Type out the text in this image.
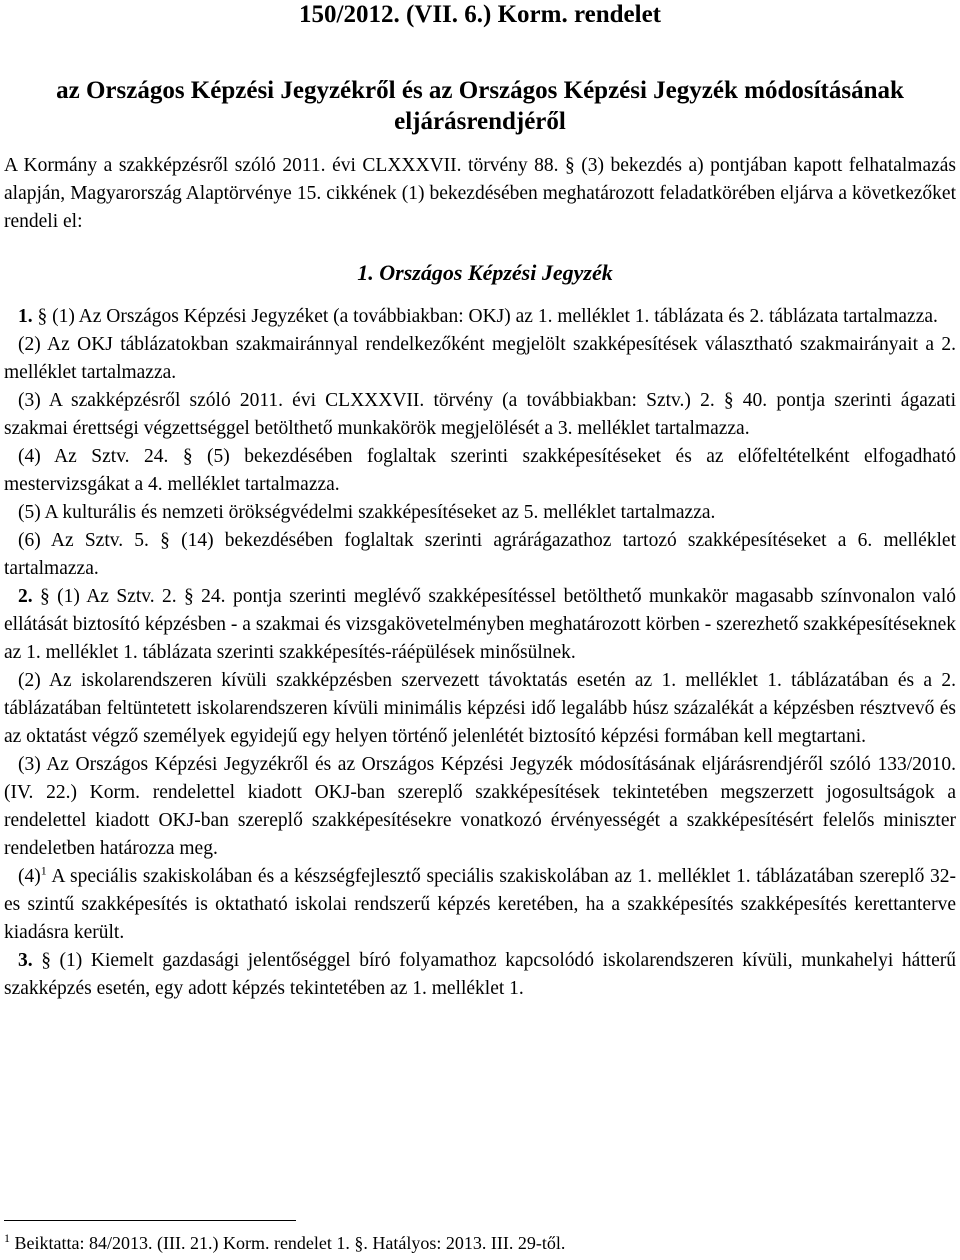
150/2012. (VII. 6.) Korm. rendelet
az Országos Képzési Jegyzékről és az Országos Képzési Jegyzék módosításának eljárásrendjéről

A Kormány a szakképzésről szóló 2011. évi CLXXXVII. törvény 88. § (3) bekezdés a) pontjában kapott felhatalmazás alapján, Magyarország Alaptörvénye 15. cikkének (1) bekezdésében meghatározott feladatkörében eljárva a következőket rendeli el:

1. Országos Képzési Jegyzék

1. § (1) Az Országos Képzési Jegyzéket (a továbbiakban: OKJ) az 1. melléklet 1. táblázata és 2. táblázata tartalmazza.

(2) Az OKJ táblázatokban szakmairánnyal rendelkezőként megjelölt szakképesítések választható szakmairányait a 2. melléklet tartalmazza.

(3) A szakképzésről szóló 2011. évi CLXXXVII. törvény (a továbbiakban: Sztv.) 2. § 40. pontja szerinti ágazati szakmai érettségi végzettséggel betölthető munkakörök megjelölését a 3. melléklet tartalmazza.

(4) Az Sztv. 24. § (5) bekezdésében foglaltak szerinti szakképesítéseket és az előfeltételként elfogadható mestervizsgákat a 4. melléklet tartalmazza.

(5) A kulturális és nemzeti örökségvédelmi szakképesítéseket az 5. melléklet tartalmazza.

(6) Az Sztv. 5. § (14) bekezdésében foglaltak szerinti agrárágazathoz tartozó szakképesítéseket a 6. melléklet tartalmazza.

2. § (1) Az Sztv. 2. § 24. pontja szerinti meglévő szakképesítéssel betölthető munkakör magasabb színvonalon való ellátását biztosító képzésben - a szakmai és vizsgakövetelményben meghatározott körben - szerezhető szakképesítéseknek az 1. melléklet 1. táblázata szerinti szakképesítés-ráépülések minősülnek.

(2) Az iskolarendszeren kívüli szakképzésben szervezett távoktatás esetén az 1. melléklet 1. táblázatában és a 2. táblázatában feltüntetett iskolarendszeren kívüli minimális képzési idő legalább húsz százalékát a képzésben résztvevő és az oktatást végző személyek egyidejű egy helyen történő jelenlétét biztosító képzési formában kell megtartani.

(3) Az Országos Képzési Jegyzékről és az Országos Képzési Jegyzék módosításának eljárásrendjéről szóló 133/2010. (IV. 22.) Korm. rendelettel kiadott OKJ-ban szereplő szakképesítések tekintetében megszerzett jogosultságok a rendelettel kiadott OKJ-ban szereplő szakképesítésekre vonatkozó érvényességét a szakképesítésért felelős miniszter rendeletben határozza meg.

$(4)^1$ A speciális szakiskolában és a készségfejlesztő speciális szakiskolában az 1. melléklet 1. táblázatában szereplő 32-es szintű szakképesítés is oktatható iskolai rendszerű képzés keretében, ha a szakképesítés szakképesítés kerettanterve kiadásra került.

3. § (1) Kiemelt gazdasági jelentőséggel bíró folyamathoz kapcsolódó iskolarendszeren kívüli, munkahelyi hátterű szakképzés esetén, egy adott képzés tekintetében az 1. melléklet 1.

$^1$ Beiktatta: 84/2013. (III. 21.) Korm. rendelet 1. §. Hatályos: 2013. III. 29-től.
